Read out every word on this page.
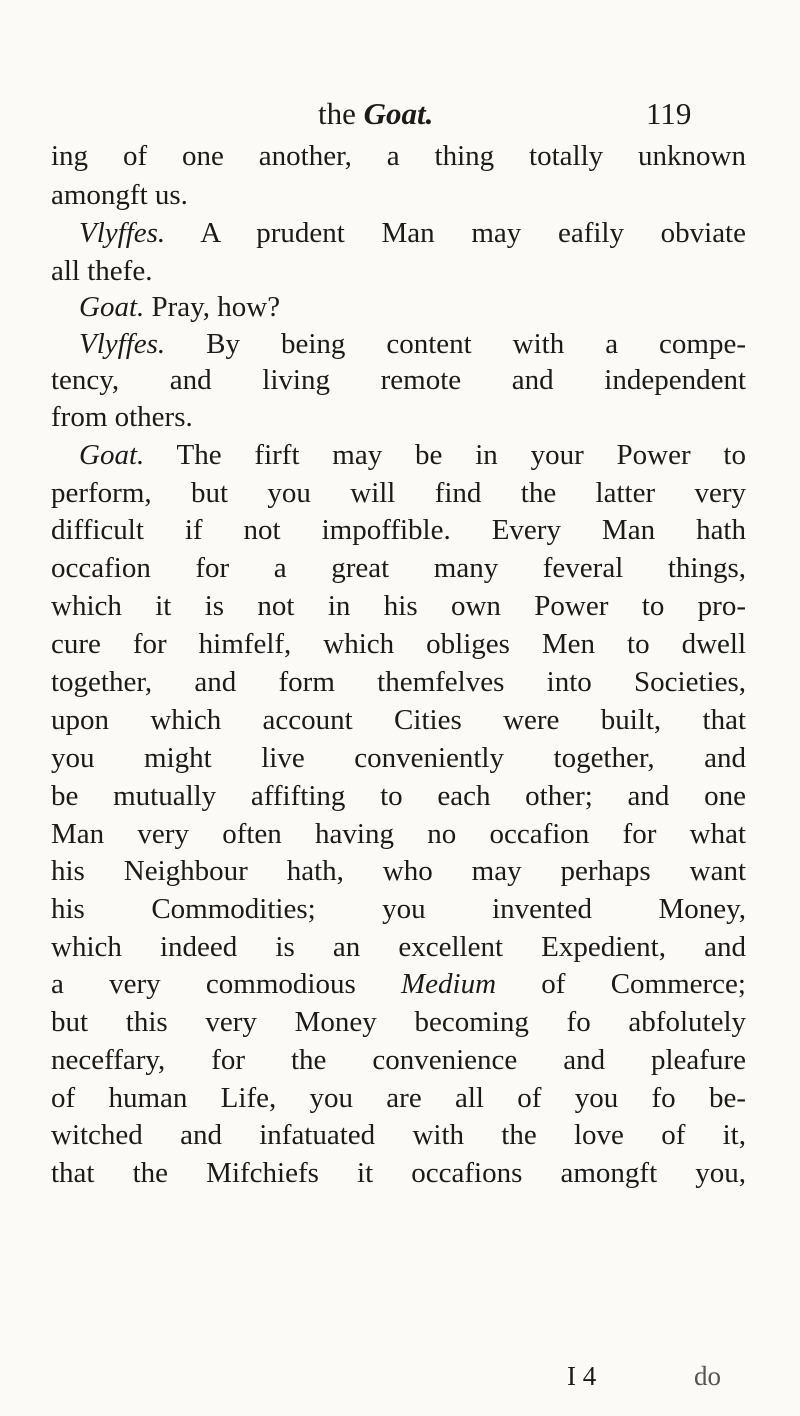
the Goat.	119
ing of one another, a thing totally unknown
amongft us.
Vlyffes. A prudent Man may eafily obviate
all thefe.
Goat. Pray, how?
Vlyffes. By being content with a compe-
tency, and living remote and independent
from others.
Goat. The firft may be in your Power to
perform, but you will find the latter very
difficult if not impoffible. Every Man hath
occafion for a great many feveral things,
which it is not in his own Power to pro-
cure for himfelf, which obliges Men to dwell
together, and form themfelves into Societies,
upon which account Cities were built, that
you might live conveniently together, and
be mutually affifting to each other; and one
Man very often having no occafion for what
his Neighbour hath, who may perhaps want
his Commodities; you invented Money,
which indeed is an excellent Expedient, and
a very commodious Medium of Commerce;
but this very Money becoming fo abfolutely
neceffary, for the convenience and pleafure
of human Life, you are all of you fo be-
witched and infatuated with the love of it,
that the Mifchiefs it occafions amongft you,
I 4	do
